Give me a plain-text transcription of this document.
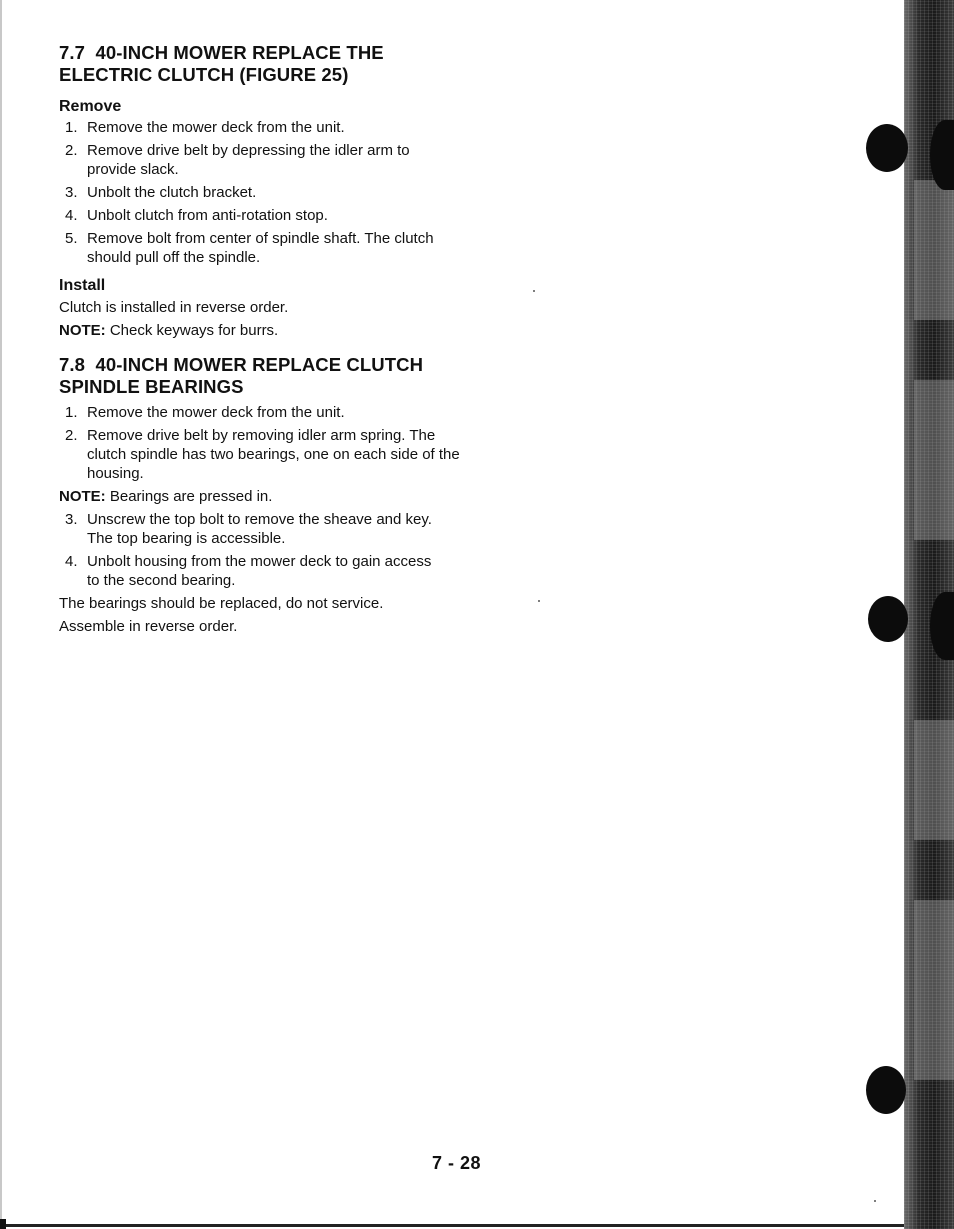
7.7  40-INCH MOWER REPLACE THE
ELECTRIC CLUTCH (FIGURE 25)
Remove
1. Remove the mower deck from the unit.
2. Remove drive belt by depressing the idler arm to provide slack.
3. Unbolt the clutch bracket.
4. Unbolt clutch from anti-rotation stop.
5. Remove bolt from center of spindle shaft. The clutch should pull off the spindle.
Install

Clutch is installed in reverse order.

NOTE: Check keyways for burrs.

7.8  40-INCH MOWER REPLACE CLUTCH
SPINDLE BEARINGS
1. Remove the mower deck from the unit.
2. Remove drive belt by removing idler arm spring. The clutch spindle has two bearings, one on each side of the housing.

NOTE: Bearings are pressed in.

3. Unscrew the top bolt to remove the sheave and key. The top bearing is accessible.
4. Unbolt housing from the mower deck to gain access to the second bearing.

The bearings should be replaced, do not service.

Assemble in reverse order.

7 - 28
